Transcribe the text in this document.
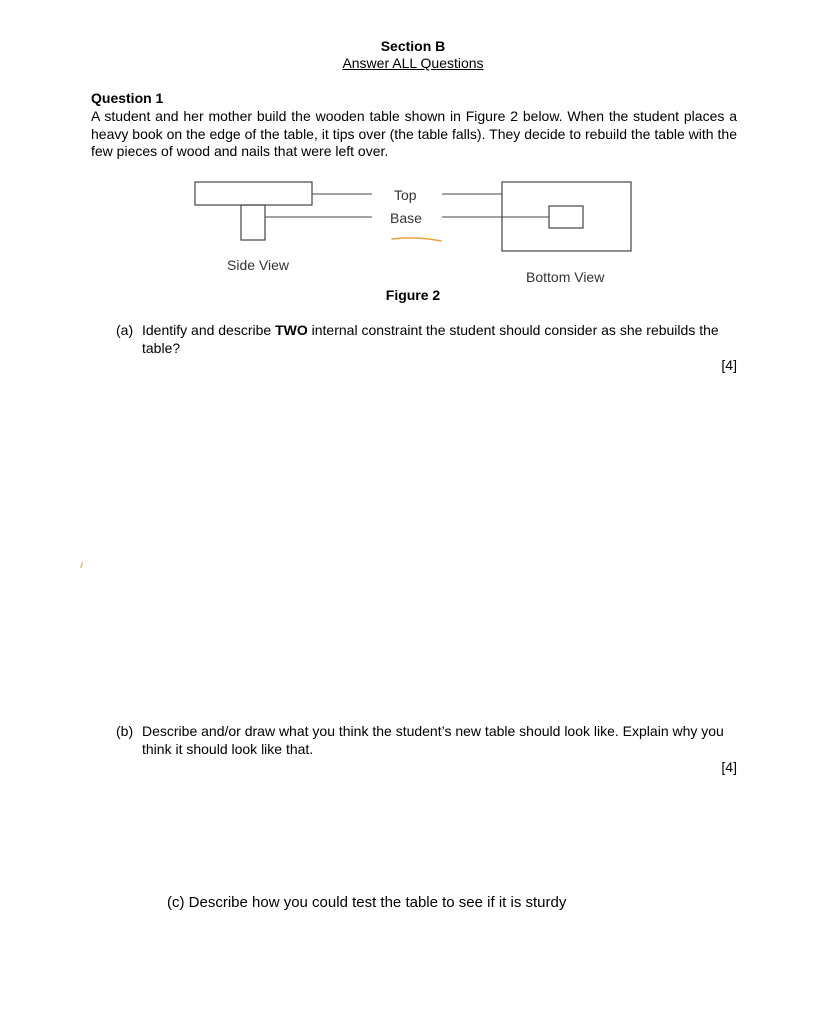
Section B
Answer ALL Questions
Question 1
A student and her mother build the wooden table shown in Figure 2 below. When the student places a heavy book on the edge of the table, it tips over (the table falls). They decide to rebuild the table with the few pieces of wood and nails that were left over.
Top
Base
Side View
Bottom View
Figure 2
(a) Identify and describe TWO internal constraint the student should consider as she rebuilds the table?
[4]
(b) Describe and/or draw what you think the student’s new table should look like. Explain why you think it should look like that.
[4]
(c) Describe how you could test the table to see if it is sturdy
